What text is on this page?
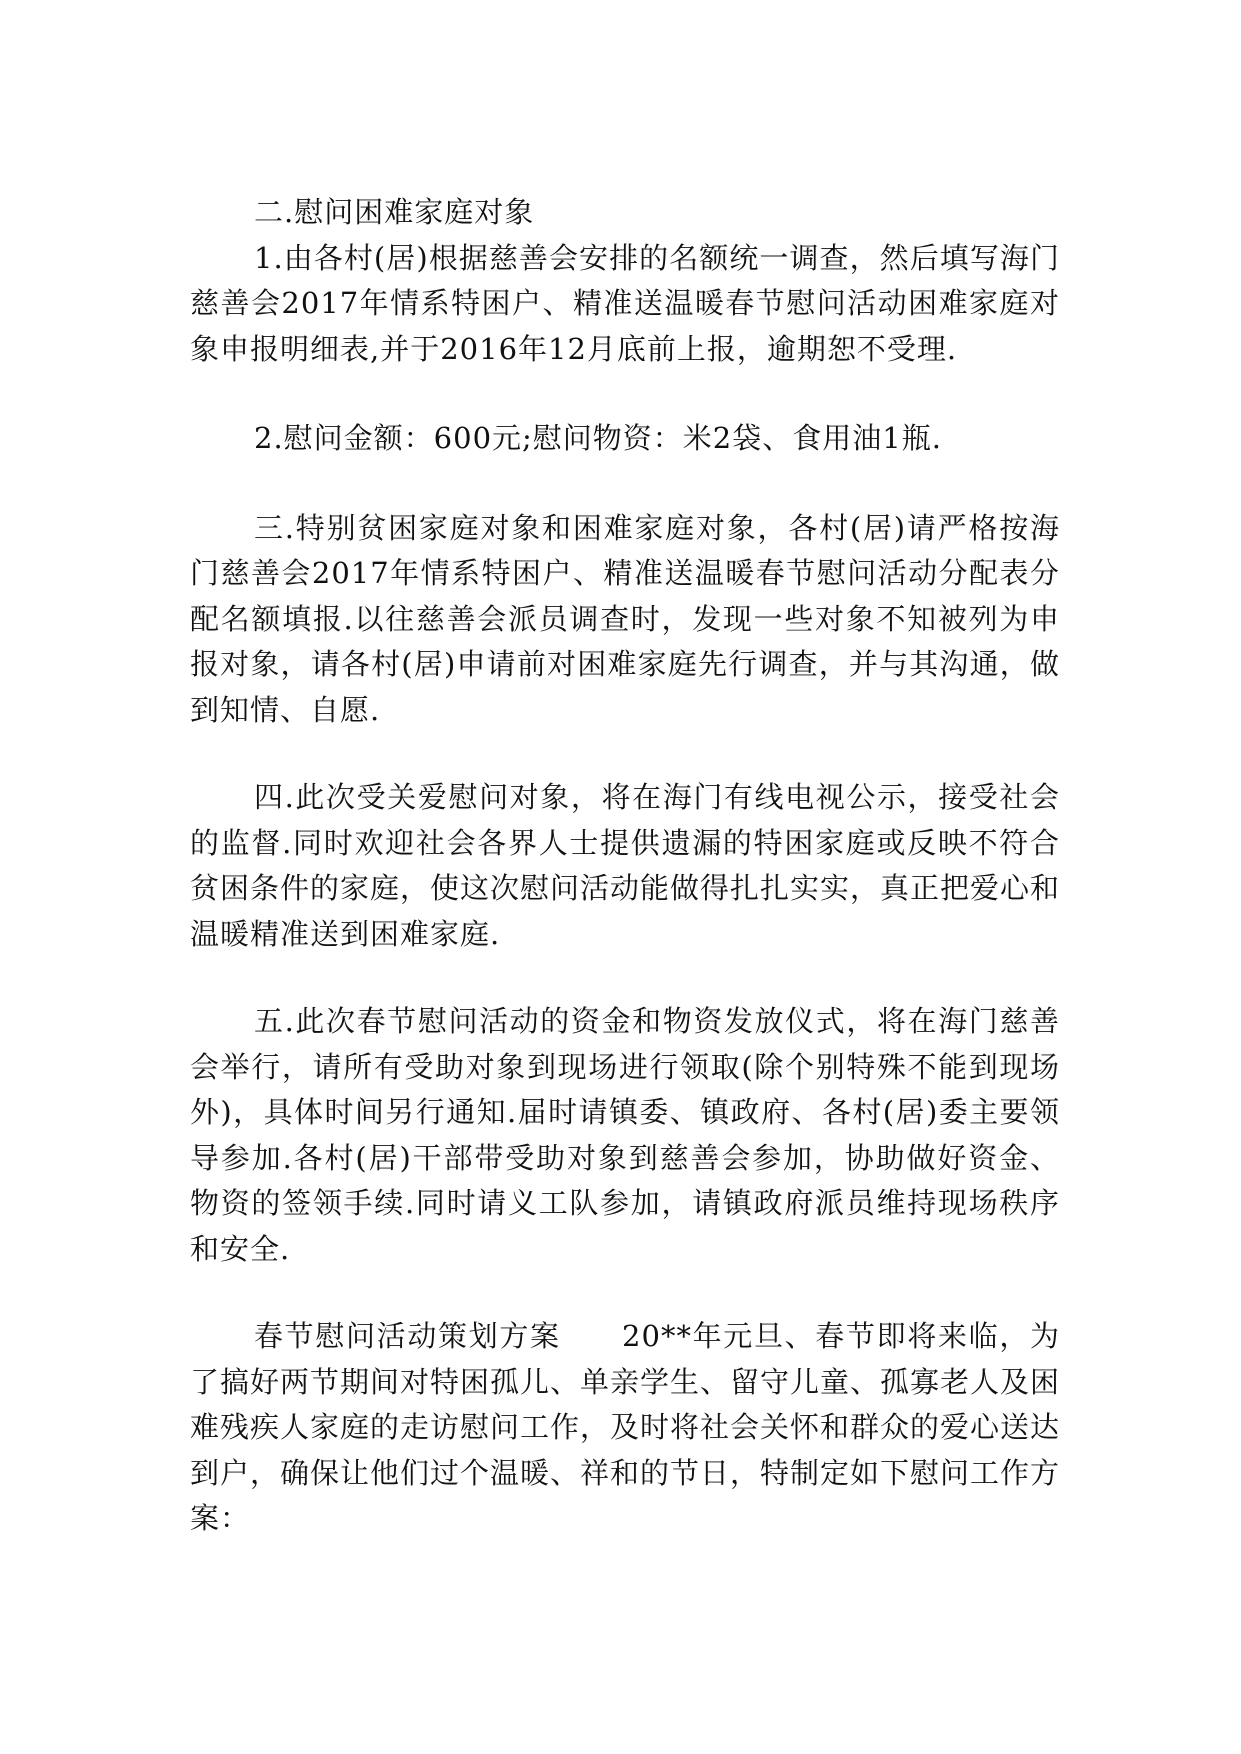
二.慰问困难家庭对象

1.由各村(居)根据慈善会安排的名额统一调查，然后填写海门慈善会2017年情系特困户、精准送温暖春节慰问活动困难家庭对象申报明细表,并于2016年12月底前上报，逾期恕不受理.

2.慰问金额：600元;慰问物资：米2袋、食用油1瓶.

三.特别贫困家庭对象和困难家庭对象，各村(居)请严格按海门慈善会2017年情系特困户、精准送温暖春节慰问活动分配表分配名额填报.以往慈善会派员调查时，发现一些对象不知被列为申报对象，请各村(居)申请前对困难家庭先行调查，并与其沟通，做到知情、自愿.

四.此次受关爱慰问对象，将在海门有线电视公示，接受社会的监督.同时欢迎社会各界人士提供遗漏的特困家庭或反映不符合贫困条件的家庭，使这次慰问活动能做得扎扎实实，真正把爱心和温暖精准送到困难家庭.

五.此次春节慰问活动的资金和物资发放仪式，将在海门慈善会举行，请所有受助对象到现场进行领取(除个别特殊不能到现场外)，具体时间另行通知.届时请镇委、镇政府、各村(居)委主要领导参加.各村(居)干部带受助对象到慈善会参加，协助做好资金、物资的签领手续.同时请义工队参加，请镇政府派员维持现场秩序和安全.

春节慰问活动策划方案　　20**年元旦、春节即将来临，为了搞好两节期间对特困孤儿、单亲学生、留守儿童、孤寡老人及困难残疾人家庭的走访慰问工作，及时将社会关怀和群众的爱心送达到户，确保让他们过个温暖、祥和的节日，特制定如下慰问工作方案：
